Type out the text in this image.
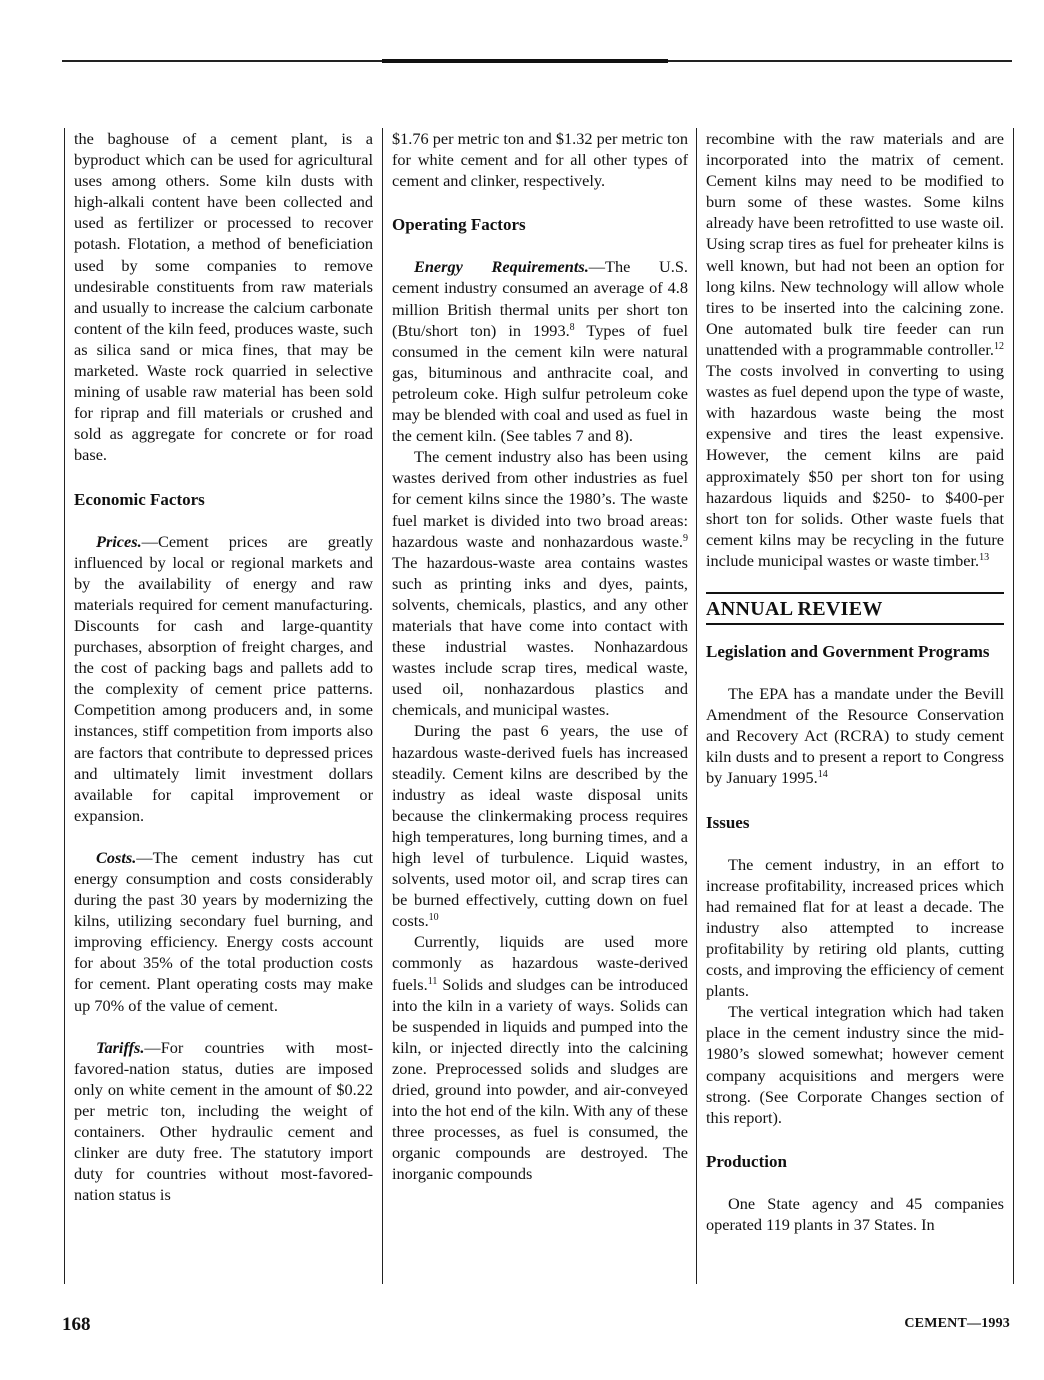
the baghouse of a cement plant, is a byproduct which can be used for agricultural uses among others. Some kiln dusts with high-alkali content have been collected and used as fertilizer or processed to recover potash. Flotation, a method of beneficiation used by some companies to remove undesirable constituents from raw materials and usually to increase the calcium carbonate content of the kiln feed, produces waste, such as silica sand or mica fines, that may be marketed. Waste rock quarried in selective mining of usable raw material has been sold for riprap and fill materials or crushed and sold as aggregate for concrete or for road base.

Economic Factors

Prices.—Cement prices are greatly influenced by local or regional markets and by the availability of energy and raw materials required for cement manufacturing. Discounts for cash and large-quantity purchases, absorption of freight charges, and the cost of packing bags and pallets add to the complexity of cement price patterns. Competition among producers and, in some instances, stiff competition from imports also are factors that contribute to depressed prices and ultimately limit investment dollars available for capital improvement or expansion.

Costs.—The cement industry has cut energy consumption and costs considerably during the past 30 years by modernizing the kilns, utilizing secondary fuel burning, and improving efficiency. Energy costs account for about 35% of the total production costs for cement. Plant operating costs may make up 70% of the value of cement.

Tariffs.—For countries with most-favored-nation status, duties are imposed only on white cement in the amount of $0.22 per metric ton, including the weight of containers. Other hydraulic cement and clinker are duty free. The statutory import duty for countries without most-favored-nation status is

$1.76 per metric ton and $1.32 per metric ton for white cement and for all other types of cement and clinker, respectively.

Operating Factors

Energy Requirements.—The U.S. cement industry consumed an average of 4.8 million British thermal units per short ton (Btu/short ton) in 1993.$^8$ Types of fuel consumed in the cement kiln were natural gas, bituminous and anthracite coal, and petroleum coke. High sulfur petroleum coke may be blended with coal and used as fuel in the cement kiln. (See tables 7 and 8).

The cement industry also has been using wastes derived from other industries as fuel for cement kilns since the 1980’s. The waste fuel market is divided into two broad areas: hazardous waste and nonhazardous waste.$^9$ The hazardous-waste area contains wastes such as printing inks and dyes, paints, solvents, chemicals, plastics, and any other materials that have come into contact with these industrial wastes. Nonhazardous wastes include scrap tires, medical waste, used oil, nonhazardous plastics and chemicals, and municipal wastes.

During the past 6 years, the use of hazardous waste-derived fuels has increased steadily. Cement kilns are described by the industry as ideal waste disposal units because the clinkermaking process requires high temperatures, long burning times, and a high level of turbulence. Liquid wastes, solvents, used motor oil, and scrap tires can be burned effectively, cutting down on fuel costs.$^{10}$

Currently, liquids are used more commonly as hazardous waste-derived fuels.$^{11}$ Solids and sludges can be introduced into the kiln in a variety of ways. Solids can be suspended in liquids and pumped into the kiln, or injected directly into the calcining zone. Preprocessed solids and sludges are dried, ground into powder, and air-conveyed into the hot end of the kiln. With any of these three processes, as fuel is consumed, the organic compounds are destroyed. The inorganic compounds

recombine with the raw materials and are incorporated into the matrix of cement. Cement kilns may need to be modified to burn some of these wastes. Some kilns already have been retrofitted to use waste oil. Using scrap tires as fuel for preheater kilns is well known, but had not been an option for long kilns. New technology will allow whole tires to be inserted into the calcining zone. One automated bulk tire feeder can run unattended with a programmable controller.$^{12}$ The costs involved in converting to using wastes as fuel depend upon the type of waste, with hazardous waste being the most expensive and tires the least expensive. However, the cement kilns are paid approximately $50 per short ton for using hazardous liquids and $250- to $400-per short ton for solids. Other waste fuels that cement kilns may be recycling in the future include municipal wastes or waste timber.$^{13}$

ANNUAL REVIEW
Legislation and Government Programs

The EPA has a mandate under the Bevill Amendment of the Resource Conservation and Recovery Act (RCRA) to study cement kiln dusts and to present a report to Congress by January 1995.14

Issues

The cement industry, in an effort to increase profitability, increased prices which had remained flat for at least a decade. The industry also attempted to increase profitability by retiring old plants, cutting costs, and improving the efficiency of cement plants.

The vertical integration which had taken place in the cement industry since the mid-1980’s slowed somewhat; however cement company acquisitions and mergers were strong. (See Corporate Changes section of this report).

Production

One State agency and 45 companies operated 119 plants in 37 States. In

168	CEMENT—1993
